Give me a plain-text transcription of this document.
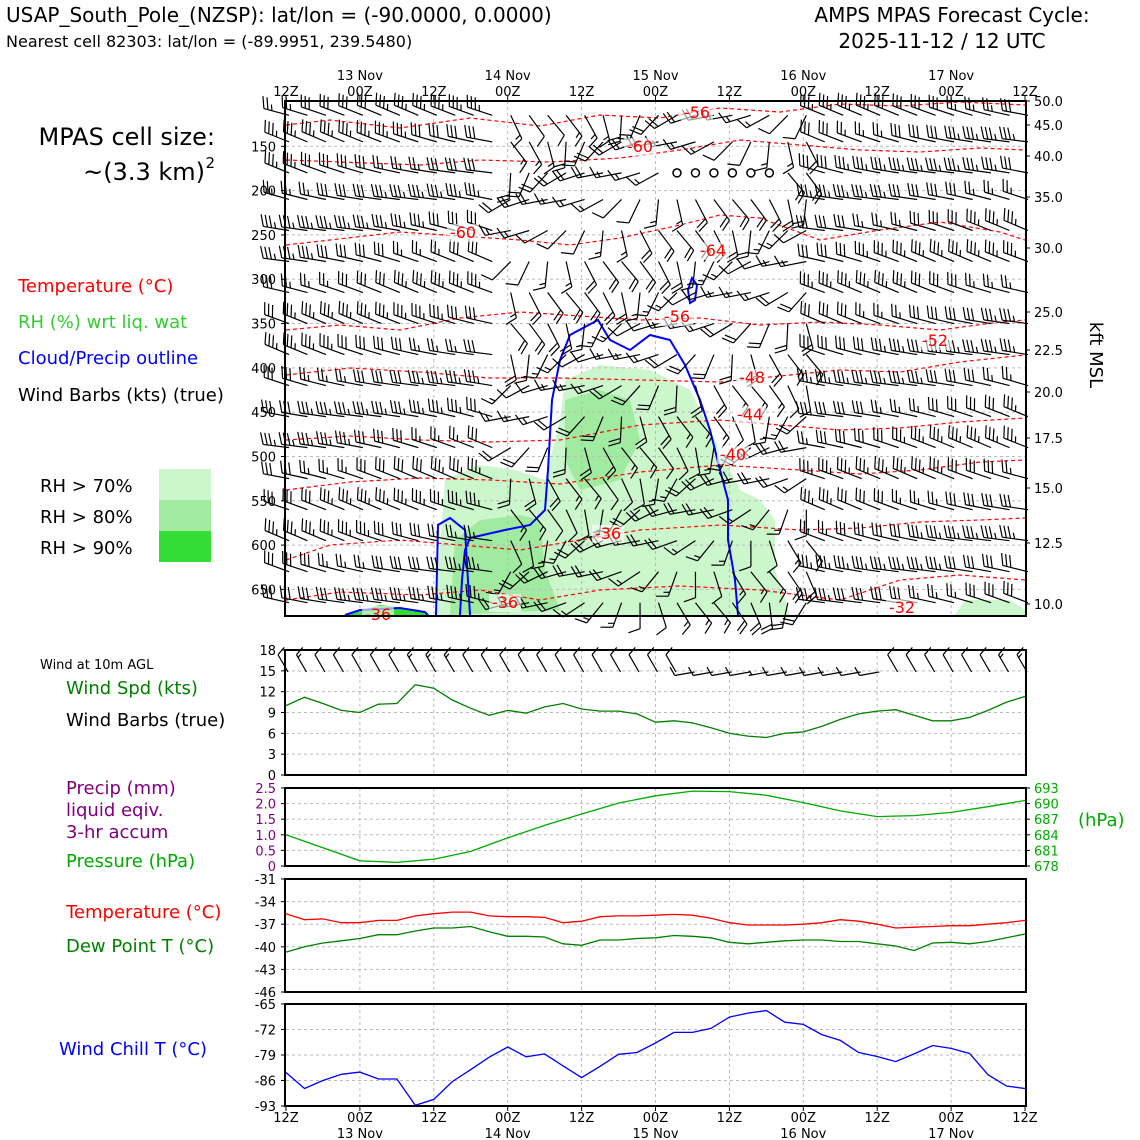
USAP_South_Pole_(NZSP): lat/lon = (-90.0000, 0.0000)
Nearest cell 82303: lat/lon = (-89.9951, 239.5480)
AMPS MPAS Forecast Cycle:
2025-11-12 / 12 UTC
MPAS cell size:
~(3.3 km) 2
Temperature (°C)
RH (%) wrt liq. wat
Cloud/Precip outline
Wind Barbs (kts) (true)
RH > 70%
RH > 80%
RH > 90%
-56
-60
-60
-64
-56
-52
-48
-44
-40
-36
-36
-36	-32
150
200
250
300
350
400
450
500
550
600
650
50.0
45.0
40.0
35.0
30.0
25.0
22.5
20.0
17.5
15.0
12.5
10.0
12Z	00Z	12Z	00Z	12Z	00Z	12Z	00Z	12Z	00Z	12Z
13 Nov	14 Nov	15 Nov	16 Nov	17 Nov
kft MSL
Wind at 10m AGL
Wind Spd (kts)
Wind Barbs (true)
Precip (mm)
liquid eqiv.
3-hr accum
Pressure (hPa)
(hPa)
Temperature (°C)
Dew Point T (°C)
Wind Chill T (°C)
0
3
6
9
12
15
18
0
0.5
1.0
1.5
2.0
2.5
678
681
684
687
690
693
-46
-43
-40
-37
-34
-31
-93
-86
-79
-72
-65
12Z	00Z	12Z	00Z	12Z	00Z	12Z	00Z	12Z	00Z	12Z
13 Nov	14 Nov	15 Nov	16 Nov	17 Nov
